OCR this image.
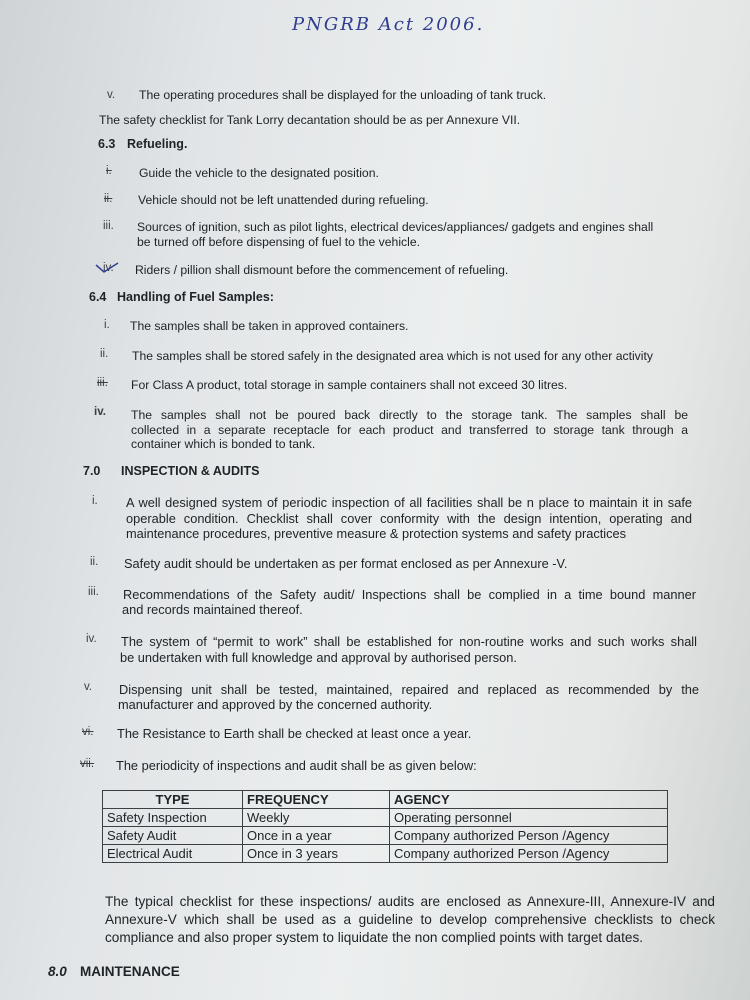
PNGRB Act 2006.
v. The operating procedures shall be displayed for the unloading of tank truck.
The safety checklist for Tank Lorry decantation should be as per Annexure VII.
6.3 Refueling.
i. Guide the vehicle to the designated position.
ii. Vehicle should not be left unattended during refueling.
iii. Sources of ignition, such as pilot lights, electrical devices/appliances/ gadgets and engines shall
be turned off before dispensing of fuel to the vehicle.
iv. Riders / pillion shall dismount before the commencement of refueling.
6.4 Handling of Fuel Samples:
i. The samples shall be taken in approved containers.
ii. The samples shall be stored safely in the designated area which is not used for any other activity
iii. For Class A product, total storage in sample containers shall not exceed 30 litres.
iv. The samples shall not be poured back directly to the storage tank. The samples shall be
collected in a separate receptacle for each product and transferred to storage tank through a
container which is bonded to tank.
7.0 INSPECTION & AUDITS
i. A well designed system of periodic inspection of all facilities shall be n place to maintain it in safe
operable condition. Checklist shall cover conformity with the design intention, operating and
maintenance procedures, preventive measure & protection systems and safety practices
ii. Safety audit should be undertaken as per format enclosed as per Annexure -V.
iii. Recommendations of the Safety audit/ Inspections shall be complied in a time bound manner
and records maintained thereof.
iv. The system of “permit to work” shall be established for non-routine works and such works shall
be undertaken with full knowledge and approval by authorised person.
v. Dispensing unit shall be tested, maintained, repaired and replaced as recommended by the
manufacturer and approved by the concerned authority.
vi. The Resistance to Earth shall be checked at least once a year.
vii. The periodicity of inspections and audit shall be as given below:
TYPE	FREQUENCY	AGENCY
Safety Inspection	Weekly	Operating personnel
Safety Audit	Once in a year	Company authorized Person /Agency
Electrical Audit	Once in 3 years	Company authorized Person /Agency
The typical checklist for these inspections/ audits are enclosed as Annexure-III, Annexure-IV and
Annexure-V which shall be used as a guideline to develop comprehensive checklists to check
compliance and also proper system to liquidate the non complied points with target dates.
8.0 MAINTENANCE
